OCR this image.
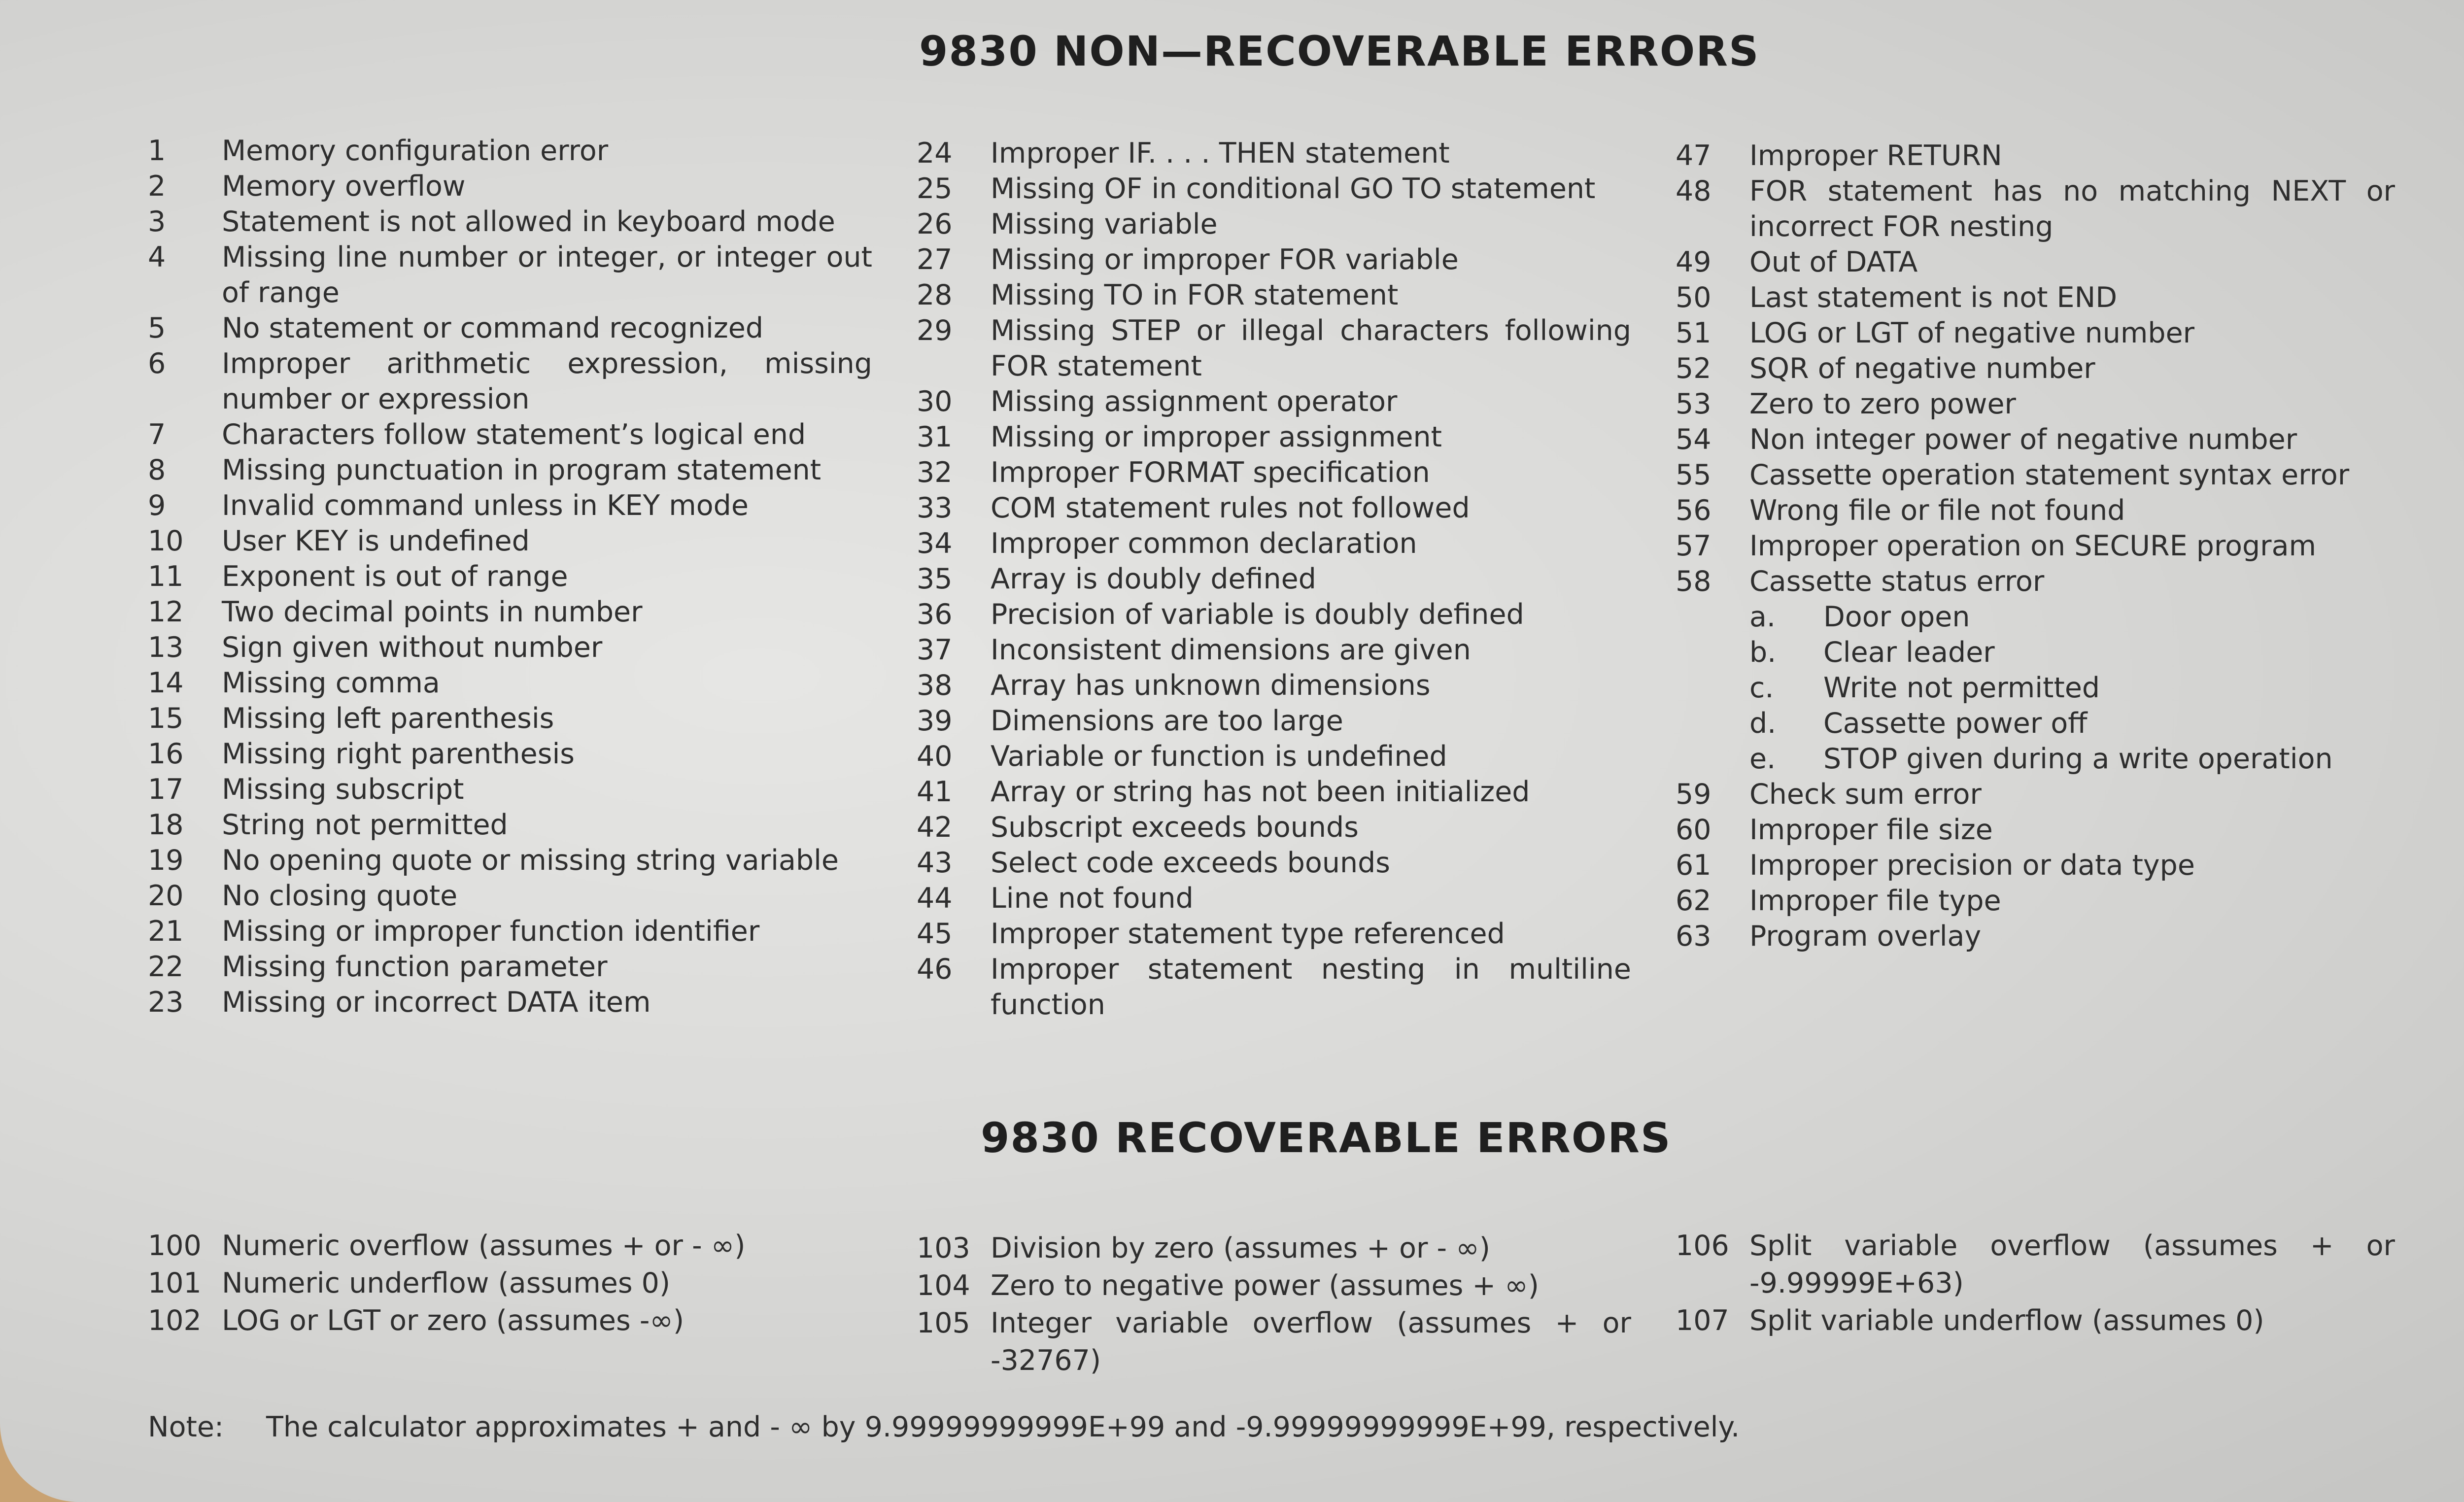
9830 NON—RECOVERABLE ERRORS
1	Memory configuration error
2	Memory overflow
3	Statement is not allowed in keyboard mode
4	Missing line number or integer, or integer out of range
5	No statement or command recognized
6	Improper arithmetic expression, missing number or expression
7	Characters follow statement’s logical end
8	Missing punctuation in program statement
9	Invalid command unless in KEY mode
10	User KEY is undefined
11	Exponent is out of range
12	Two decimal points in number
13	Sign given without number
14	Missing comma
15	Missing left parenthesis
16	Missing right parenthesis
17	Missing subscript
18	String not permitted
19	No opening quote or missing string variable
20	No closing quote
21	Missing or improper function identifier
22	Missing function parameter
23	Missing or incorrect DATA item
24	Improper IF. . . . THEN statement
25	Missing OF in conditional GO TO statement
26	Missing variable
27	Missing or improper FOR variable
28	Missing TO in FOR statement
29	Missing STEP or illegal characters following FOR statement
30	Missing assignment operator
31	Missing or improper assignment
32	Improper FORMAT specification
33	COM statement rules not followed
34	Improper common declaration
35	Array is doubly defined
36	Precision of variable is doubly defined
37	Inconsistent dimensions are given
38	Array has unknown dimensions
39	Dimensions are too large
40	Variable or function is undefined
41	Array or string has not been initialized
42	Subscript exceeds bounds
43	Select code exceeds bounds
44	Line not found
45	Improper statement type referenced
46	Improper statement nesting in multiline function
47	Improper RETURN
48	FOR statement has no matching NEXT or incorrect FOR nesting
49	Out of DATA
50	Last statement is not END
51	LOG or LGT of negative number
52	SQR of negative number
53	Zero to zero power
54	Non integer power of negative number
55	Cassette operation statement syntax error
56	Wrong file or file not found
57	Improper operation on SECURE program
58	Cassette status error
a.	Door open
b.	Clear leader
c.	Write not permitted
d.	Cassette power off
e.	STOP given during a write operation
59	Check sum error
60	Improper file size
61	Improper precision or data type
62	Improper file type
63	Program overlay
9830 RECOVERABLE ERRORS
100 Numeric overflow (assumes + or - ∞)
101 Numeric underflow (assumes 0)
102 LOG or LGT or zero (assumes -∞)
103 Division by zero (assumes + or - ∞)
104 Zero to negative power (assumes + ∞)
105 Integer variable overflow (assumes + or -32767)
106 Split variable overflow (assumes + or -9.99999E+63)
107 Split variable underflow (assumes 0)
Note:	The calculator approximates + and - ∞ by 9.99999999999E+99 and -9.99999999999E+99, respectively.
